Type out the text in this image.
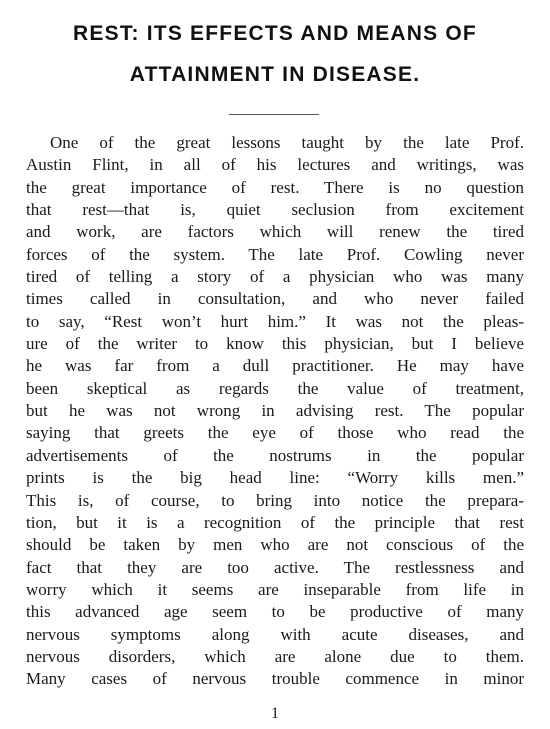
REST: ITS EFFECTS AND MEANS OF
ATTAINMENT IN DISEASE.
One of the great lessons taught by the late Prof.
Austin Flint, in all of his lectures and writings, was
the great importance of rest. There is no question
that rest—that is, quiet seclusion from excitement
and work, are factors which will renew the tired
forces of the system. The late Prof. Cowling never
tired of telling a story of a physician who was many
times called in consultation, and who never failed
to say, “Rest won’t hurt him.” It was not the pleas-
ure of the writer to know this physician, but I believe
he was far from a dull practitioner. He may have
been skeptical as regards the value of treatment,
but he was not wrong in advising rest. The popular
saying that greets the eye of those who read the
advertisements of the nostrums in the popular
prints is the big head line: “Worry kills men.”
This is, of course, to bring into notice the prepara-
tion, but it is a recognition of the principle that rest
should be taken by men who are not conscious of the
fact that they are too active. The restlessness and
worry which it seems are inseparable from life in
this advanced age seem to be productive of many
nervous symptoms along with acute diseases, and
nervous disorders, which are alone due to them.
Many cases of nervous trouble commence in minor
1
